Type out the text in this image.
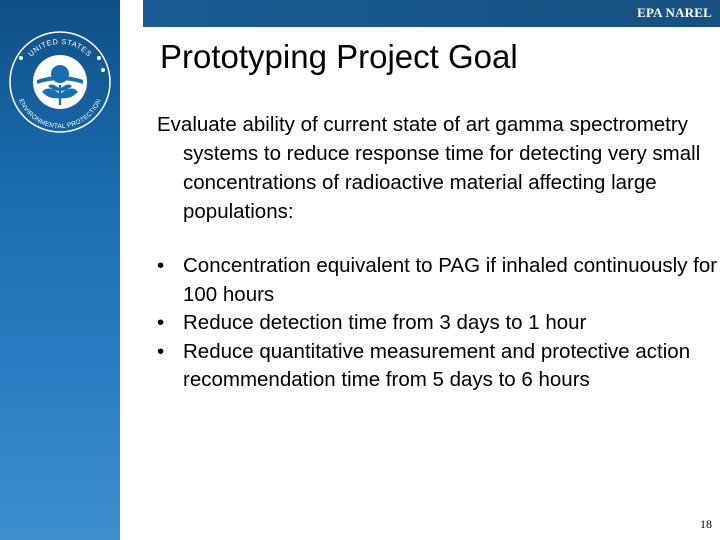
UNITED STATES
ENVIRONMENTAL PROTECTION
EPA NAREL
Prototyping Project Goal

Evaluate ability of current state of art gamma spectrometry systems to reduce response time for detecting very small concentrations of radioactive material affecting large populations:

• Concentration equivalent to PAG if inhaled continuously for 100 hours
• Reduce detection time from 3 days to 1 hour
• Reduce quantitative measurement and protective action recommendation time from 5 days to 6 hours
18
